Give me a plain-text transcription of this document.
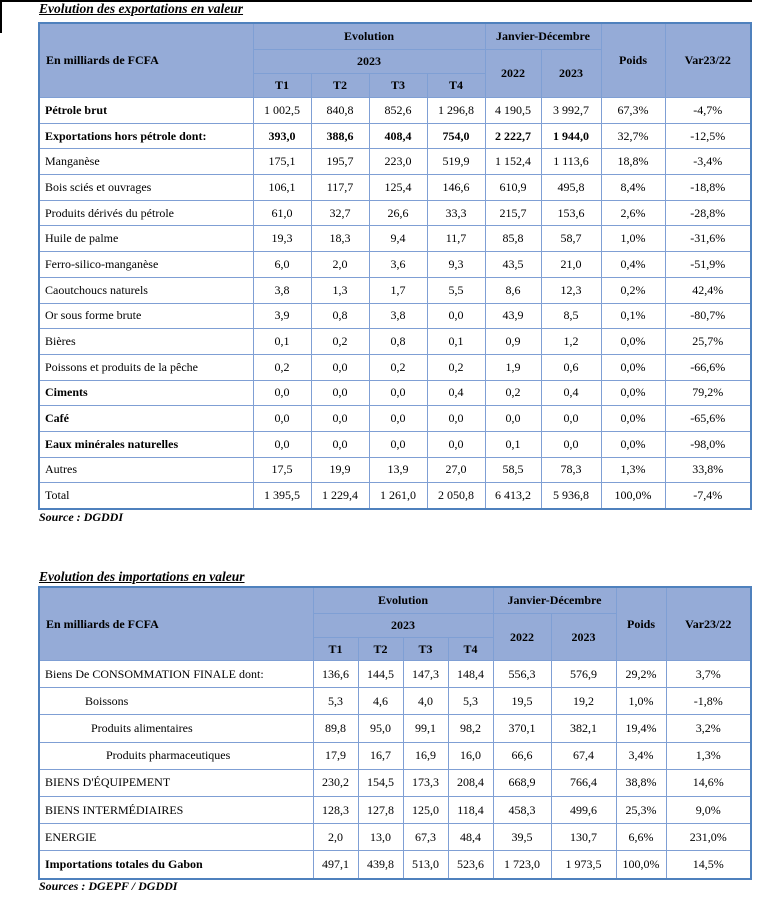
Evolution des exportations en valeur
En milliards de FCFA	Evolution				Janvier-Décembre		Poids	Var23/22
	2023				2022	2023		
	T1	T2	T3	T4				
Pétrole brut	1 002,5	840,8	852,6	1 296,8	4 190,5	3 992,7	67,3%	-4,7%
Exportations hors pétrole dont:	393,0	388,6	408,4	754,0	2 222,7	1 944,0	32,7%	-12,5%
Manganèse	175,1	195,7	223,0	519,9	1 152,4	1 113,6	18,8%	-3,4%
Bois sciés et ouvrages	106,1	117,7	125,4	146,6	610,9	495,8	8,4%	-18,8%
Produits dérivés du pétrole	61,0	32,7	26,6	33,3	215,7	153,6	2,6%	-28,8%
Huile de palme	19,3	18,3	9,4	11,7	85,8	58,7	1,0%	-31,6%
Ferro-silico-manganèse	6,0	2,0	3,6	9,3	43,5	21,0	0,4%	-51,9%
Caoutchoucs naturels	3,8	1,3	1,7	5,5	8,6	12,3	0,2%	42,4%
Or sous forme brute	3,9	0,8	3,8	0,0	43,9	8,5	0,1%	-80,7%
Bières	0,1	0,2	0,8	0,1	0,9	1,2	0,0%	25,7%
Poissons et produits de la pêche	0,2	0,0	0,2	0,2	1,9	0,6	0,0%	-66,6%
Ciments	0,0	0,0	0,0	0,4	0,2	0,4	0,0%	79,2%
Café	0,0	0,0	0,0	0,0	0,0	0,0	0,0%	-65,6%
Eaux minérales naturelles	0,0	0,0	0,0	0,0	0,1	0,0	0,0%	-98,0%
Autres	17,5	19,9	13,9	27,0	58,5	78,3	1,3%	33,8%
Total	1 395,5	1 229,4	1 261,0	2 050,8	6 413,2	5 936,8	100,0%	-7,4%
Source : DGDDI
Evolution des importations en valeur
En milliards de FCFA	Evolution				Janvier-Décembre		Poids	Var23/22
	2023				2022	2023		
	T1	T2	T3	T4				
Biens De CONSOMMATION FINALE dont:	136,6	144,5	147,3	148,4	556,3	576,9	29,2%	3,7%
Boissons	5,3	4,6	4,0	5,3	19,5	19,2	1,0%	-1,8%
Produits alimentaires	89,8	95,0	99,1	98,2	370,1	382,1	19,4%	3,2%
Produits pharmaceutiques	17,9	16,7	16,9	16,0	66,6	67,4	3,4%	1,3%
BIENS D'ÉQUIPEMENT	230,2	154,5	173,3	208,4	668,9	766,4	38,8%	14,6%
BIENS INTERMÉDIAIRES	128,3	127,8	125,0	118,4	458,3	499,6	25,3%	9,0%
ENERGIE	2,0	13,0	67,3	48,4	39,5	130,7	6,6%	231,0%
Importations totales du Gabon	497,1	439,8	513,0	523,6	1 723,0	1 973,5	100,0%	14,5%
Sources : DGEPF / DGDDI
